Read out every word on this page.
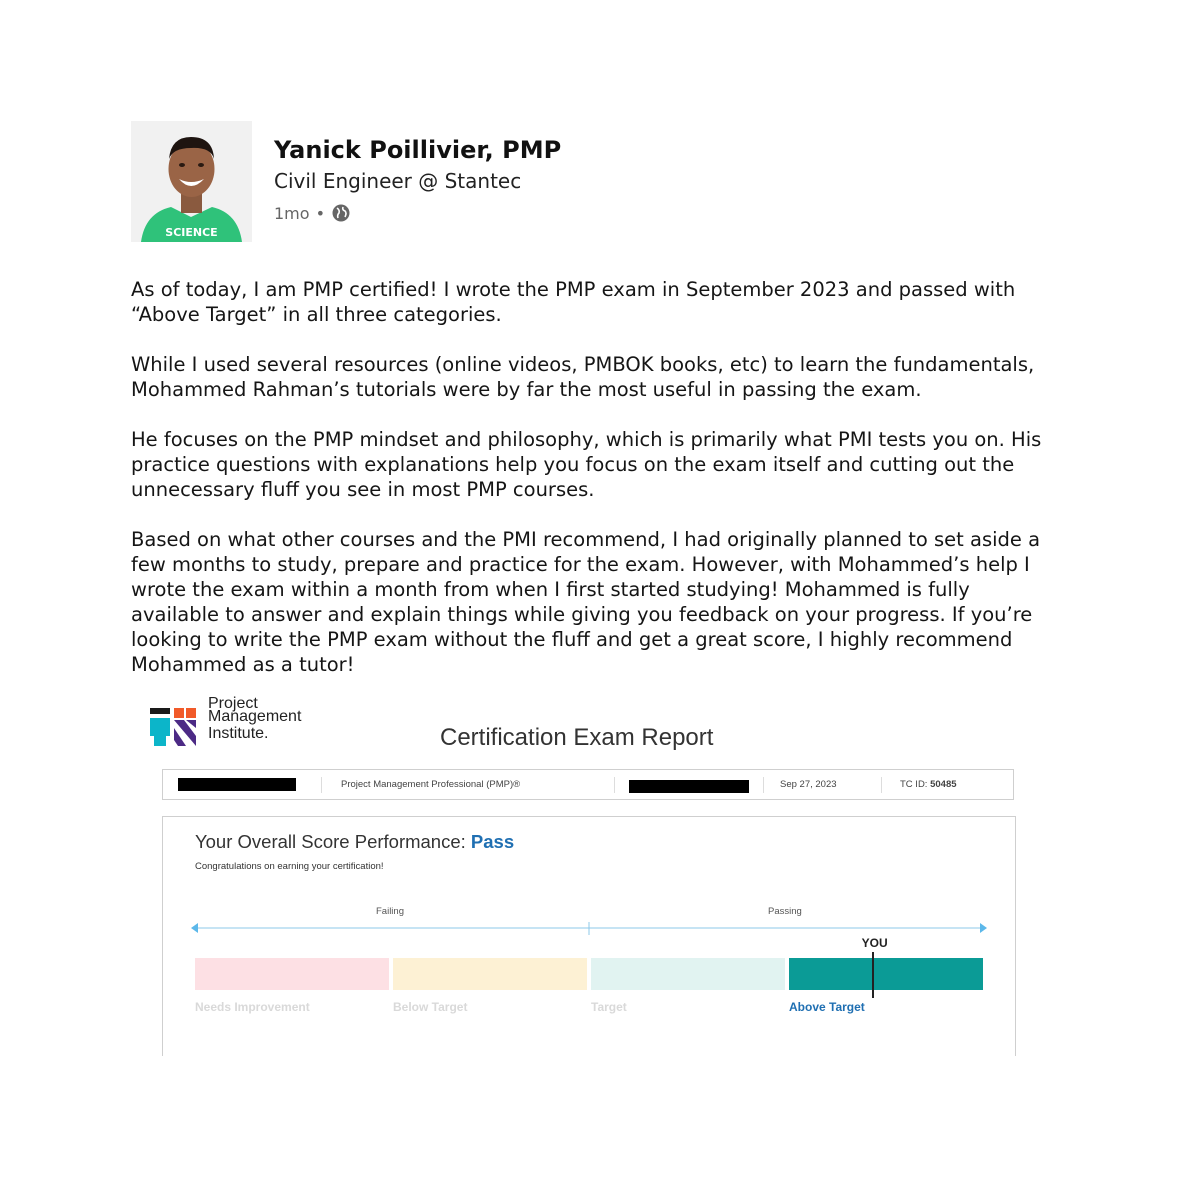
SCIENCE
Yanick Poillivier, PMP
Civil Engineer @ Stantec
1mo •

As of today, I am PMP certified! I wrote the PMP exam in September 2023 and passed with “Above Target” in all three categories.

While I used several resources (online videos, PMBOK books, etc) to learn the fundamentals, Mohammed Rahman’s tutorials were by far the most useful in passing the exam.

He focuses on the PMP mindset and philosophy, which is primarily what PMI tests you on. His practice questions with explanations help you focus on the exam itself and cutting out the unnecessary fluff you see in most PMP courses.

Based on what other courses and the PMI recommend, I had originally planned to set aside a few months to study, prepare and practice for the exam. However, with Mohammed’s help I wrote the exam within a month from when I first started studying! Mohammed is fully available to answer and explain things while giving you feedback on your progress. If you’re looking to write the PMP exam without the fluff and get a great score, I highly recommend Mohammed as a tutor!

Project
Management
Institute.	Certification Exam Report
Project Management Professional (PMP)®	Sep 27, 2023	TC ID: 50485
Your Overall Score Performance: Pass
Congratulations on earning your certification!
Failing	Passing
Needs Improvement	Below Target	Target	Above Target
YOU
